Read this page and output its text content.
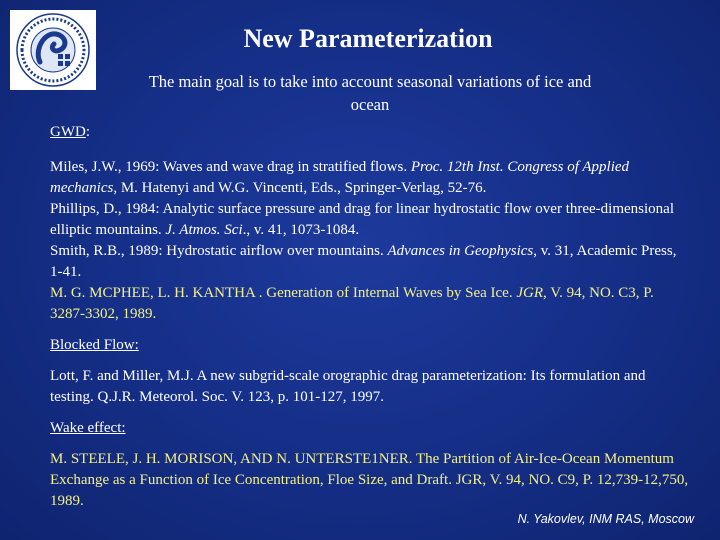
New Parameterization
The main goal is to take into account seasonal variations of ice and ocean

GWD:

Miles, J.W., 1969: Waves and wave drag in stratified flows. Proc. 12th Inst. Congress of Applied mechanics, M. Hatenyi and W.G. Vincenti, Eds., Springer-Verlag, 52-76.

Phillips, D., 1984: Analytic surface pressure and drag for linear hydrostatic flow over three-dimensional elliptic mountains. J. Atmos. Sci., v. 41, 1073-1084.

Smith, R.B., 1989: Hydrostatic airflow over mountains. Advances in Geophysics, v. 31, Academic Press, 1-41.

M. G. MCPHEE, L. H. KANTHA . Generation of Internal Waves by Sea Ice. JGR, V. 94, NO. C3, P. 3287-3302, 1989.

Blocked Flow:

Lott, F. and Miller, M.J. A new subgrid-scale orographic drag parameterization: Its formulation and testing. Q.J.R. Meteorol. Soc. V. 123, p. 101-127, 1997.

Wake effect:

M. STEELE, J. H. MORISON, AND N. UNTERSTE1NER. The Partition of Air-Ice-Ocean Momentum Exchange as a Function of Ice Concentration, Floe Size, and Draft. JGR, V. 94, NO. C9, P. 12,739-12,750, 1989.

N. Yakovlev, INM RAS, Moscow
